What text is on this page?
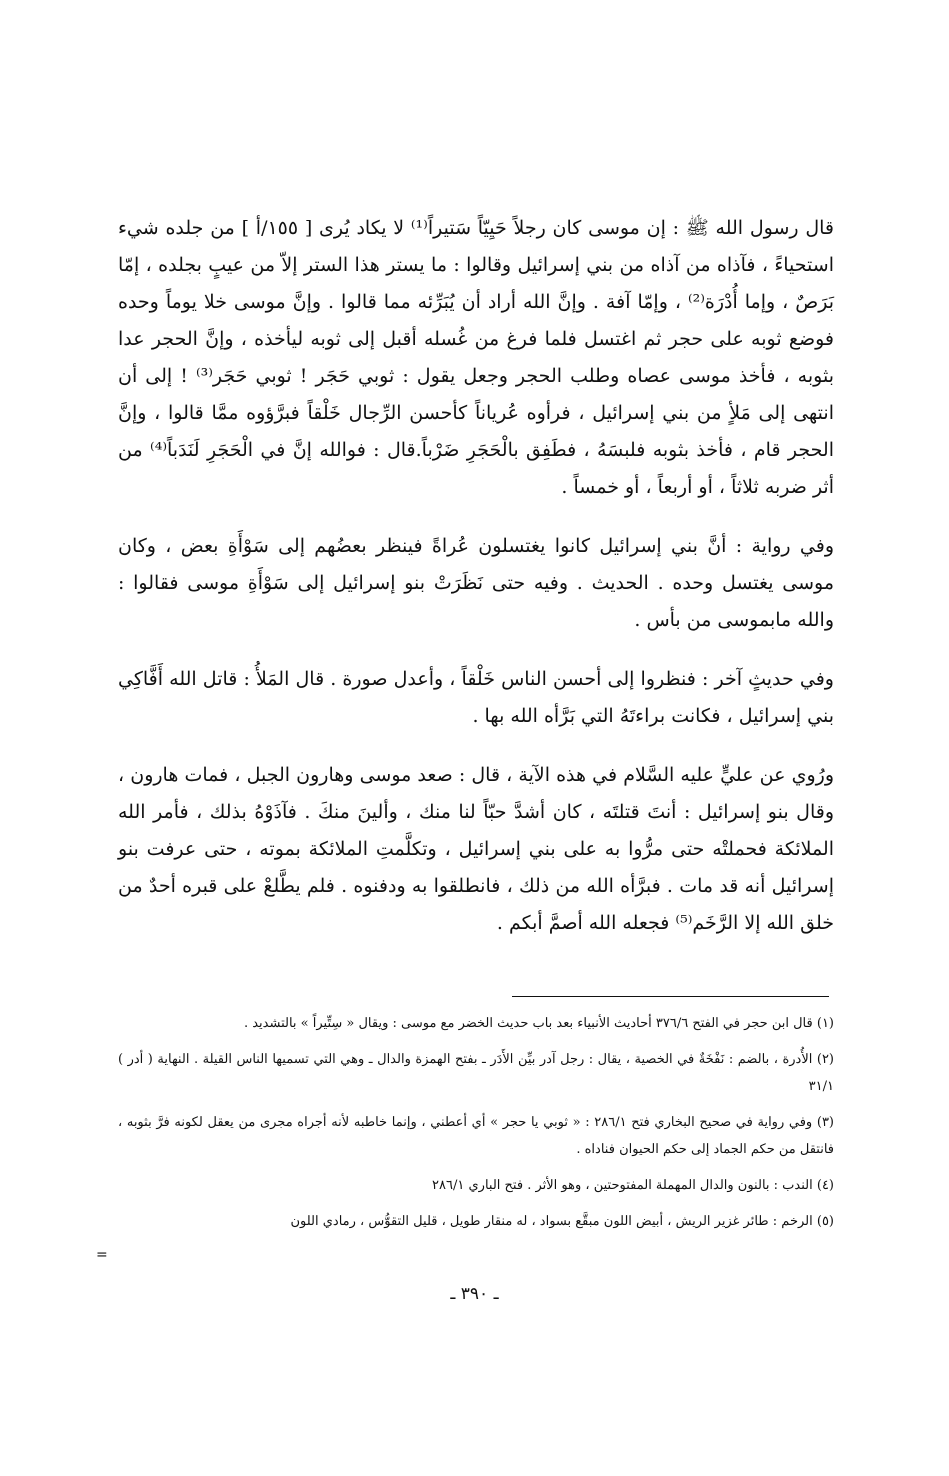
قال رسول الله ﷺ : إن موسى كان رجلاً حَيِيّاً سَتيراً⁽¹⁾ لا يكاد يُرى [ ١٥٥/أ ] من جلده شيء استحياءً ، فآذاه من آذاه من بني إسرائيل وقالوا : ما يستر هذا الستر إلاّ من عيبٍ بجلده ، إمّا بَرَصٌ ، وإما أُدْرَة⁽²⁾ ، وإمّا آفة . وإنَّ الله أراد أن يُبَرِّئه مما قالوا . وإنَّ موسى خلا يوماً وحده فوضع ثوبه على حجر ثم اغتسل فلما فرغ من غُسله أقبل إلى ثوبه ليأخذه ، وإنَّ الحجر عدا بثوبه ، فأخذ موسى عصاه وطلب الحجر وجعل يقول : ثوبي حَجَر ! ثوبي حَجَر⁽³⁾ ! إلى أن انتهى إلى مَلأٍ من بني إسرائيل ، فرأوه عُرياناً كأحسن الرِّجال خَلْقاً فبرَّؤوه ممَّا قالوا ، وإنَّ الحجر قام ، فأخذ بثوبه فلبسَهُ ، فطَفِق بالْحَجَرِ ضَرْباً.قال : فوالله إنَّ في الْحَجَرِ لَنَدَباً⁽⁴⁾ من أثر ضربه ثلاثاً ، أو أربعاً ، أو خمساً .

وفي رواية : أنَّ بني إسرائيل كانوا يغتسلون عُراةً فينظر بعضُهم إلى سَوْأَةِ بعض ، وكان موسى يغتسل وحده . الحديث . وفيه حتى نَظَرَتْ بنو إسرائيل إلى سَوْأَةِ موسى فقالوا : والله مابموسى من بأس .

وفي حديثٍ آخر : فنظروا إلى أحسن الناس خَلْقاً ، وأعدل صورة . قال المَلأُ : قاتل الله أَفَّاكِي بني إسرائيل ، فكانت براءتَهُ التي بَرَّأه الله بها .

ورُوي عن عليٍّ عليه السَّلام في هذه الآية ، قال : صعد موسى وهارون الجبل ، فمات هارون ، وقال بنو إسرائيل : أنتَ قتلتَه ، كان أشدَّ حبّاً لنا منك ، وألينَ منكَ . فآذَوْهُ بذلك ، فأمر الله الملائكة فحملتْه حتى مرُّوا به على بني إسرائيل ، وتكلَّمتِ الملائكة بموته ، حتى عرفت بنو إسرائيل أنه قد مات . فبرَّأه الله من ذلك ، فانطلقوا به ودفنوه . فلم يطَّلعْ على قبره أحدٌ من خلق الله إلا الرَّخَم⁽⁵⁾ فجعله الله أصمَّ أبكم .

(١) قال ابن حجر في الفتح ٣٧٦/٦ أحاديث الأنبياء بعد باب حديث الخضر مع موسى : ويقال « سِتِّيراً » بالتشديد .

(٢) الأُدرة ، بالضم : نَفْخَةٌ في الخصية ، يقال : رجل آدر بيِّن الأَدَر ـ بفتح الهمزة والدال ـ وهي التي تسميها الناس القيلة . النهاية ( أدر ) ٣١/١

(٣) وفي رواية في صحيح البخاري فتح ٢٨٦/١ : « ثوبي يا حجر » أي أعطني ، وإنما خاطبه لأنه أجراه مجرى من يعقل لكونه فرَّ بثوبه ، فانتقل من حكم الجماد إلى حكم الحيوان فناداه .

(٤) الندب : بالنون والدال المهملة المفتوحتين ، وهو الأثر . فتح الباري ٢٨٦/١

(٥) الرخم : طائر غزير الريش ، أبيض اللون مبقَّع بسواد ، له منقار طويل ، قليل التقوُّس ، رمادي اللون

=
ـ ٣٩٠ ـ
